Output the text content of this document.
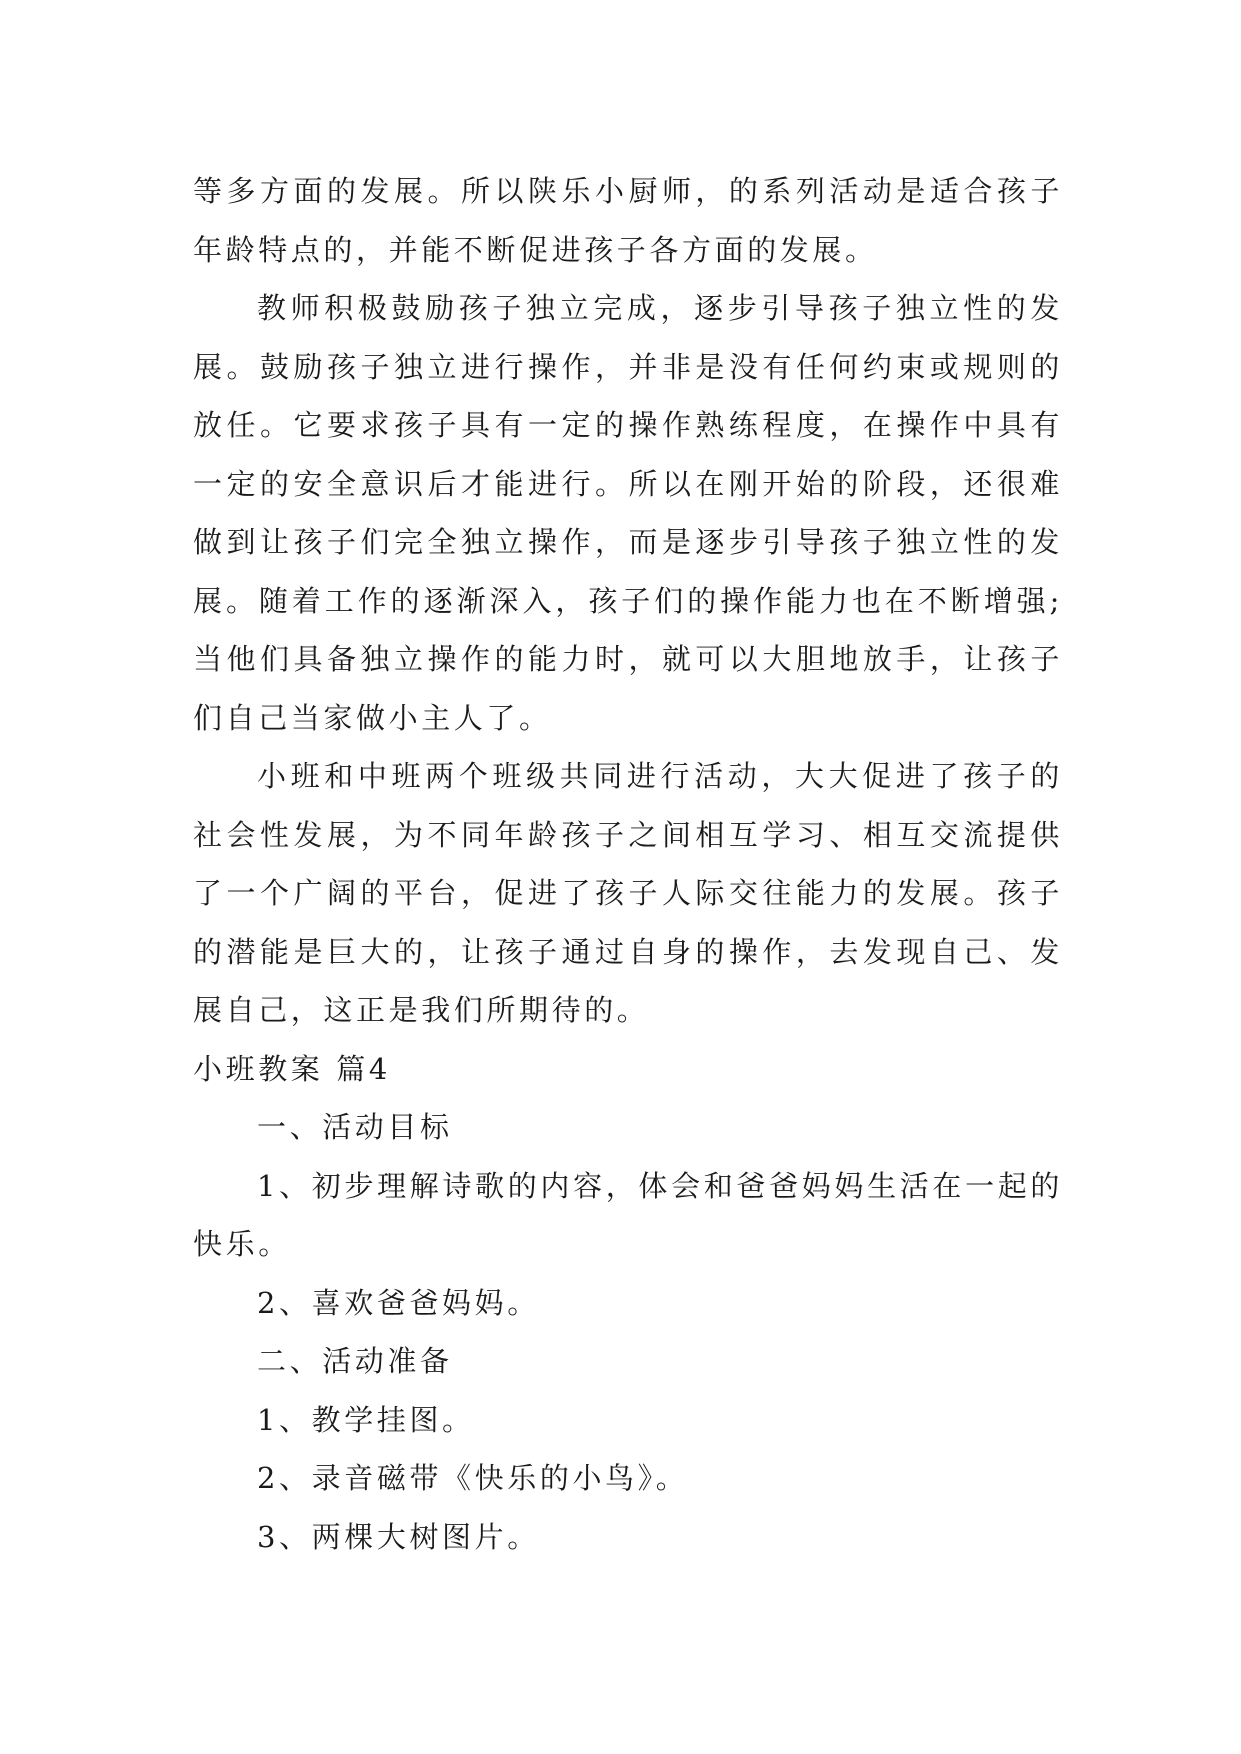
等多方面的发展。所以陕乐小厨师，的系列活动是适合孩子年龄特点的，并能不断促进孩子各方面的发展。

教师积极鼓励孩子独立完成，逐步引导孩子独立性的发展。鼓励孩子独立进行操作，并非是没有任何约束或规则的放任。它要求孩子具有一定的操作熟练程度，在操作中具有一定的安全意识后才能进行。所以在刚开始的阶段，还很难做到让孩子们完全独立操作，而是逐步引导孩子独立性的发展。随着工作的逐渐深入，孩子们的操作能力也在不断增强;当他们具备独立操作的能力时，就可以大胆地放手，让孩子们自己当家做小主人了。

小班和中班两个班级共同进行活动，大大促进了孩子的社会性发展，为不同年龄孩子之间相互学习、相互交流提供了一个广阔的平台，促进了孩子人际交往能力的发展。孩子的潜能是巨大的，让孩子通过自身的操作，去发现自己、发展自己，这正是我们所期待的。

小班教案 篇4

一、活动目标

1、初步理解诗歌的内容，体会和爸爸妈妈生活在一起的快乐。

2、喜欢爸爸妈妈。

二、活动准备

1、教学挂图。

2、录音磁带《快乐的小鸟》。

3、两棵大树图片。
